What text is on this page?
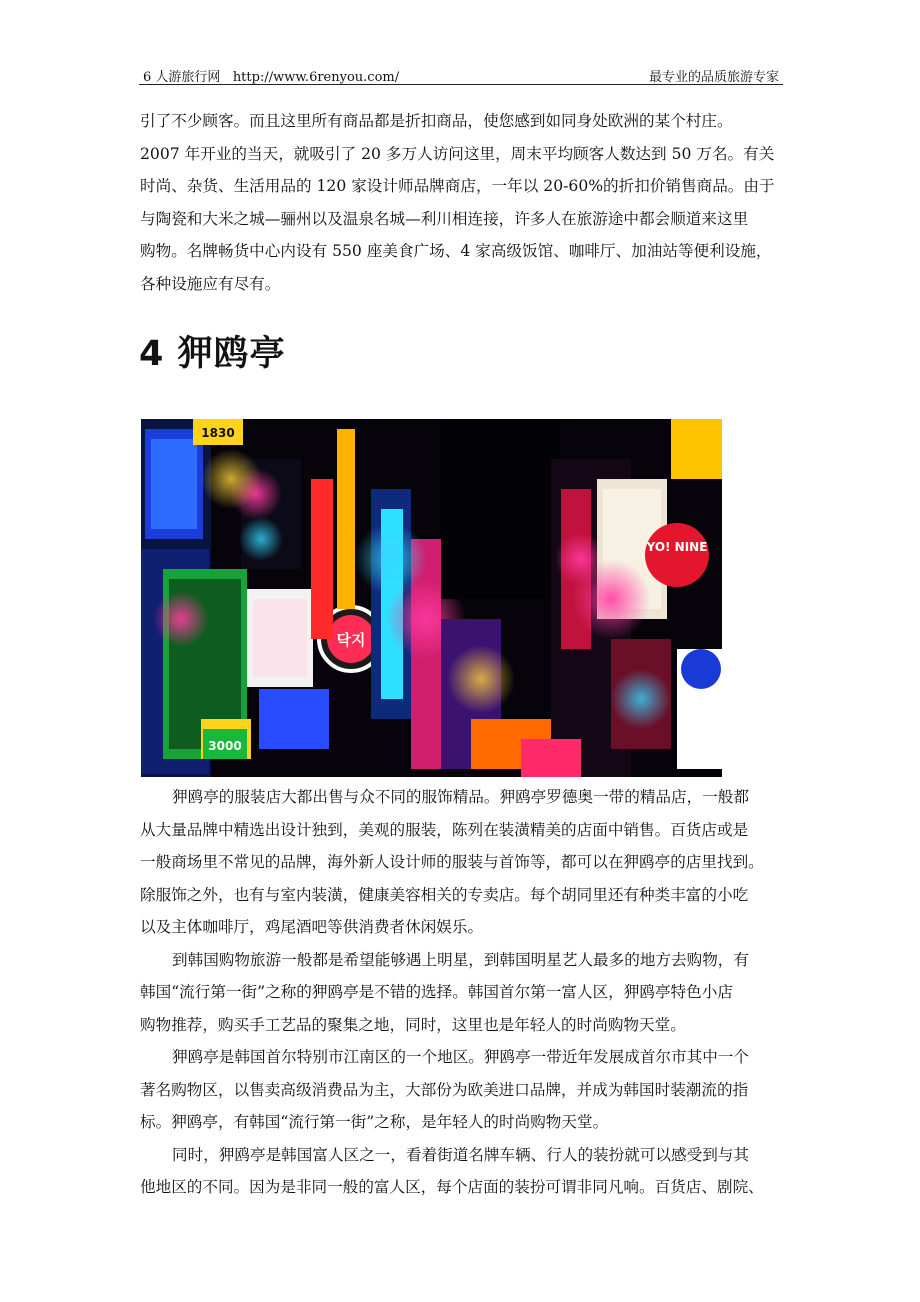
6 人游旅行网 http://www.6renyou.com/	最专业的品质旅游专家
引了不少顾客。而且这里所有商品都是折扣商品，使您感到如同身处欧洲的某个村庄。
2007 年开业的当天，就吸引了 20 多万人访问这里，周末平均顾客人数达到 50 万名。有关
时尚、杂货、生活用品的 120 家设计师品牌商店，一年以 20-60%的折扣价销售商品。由于
与陶瓷和大米之城—骊州以及温泉名城—利川相连接，许多人在旅游途中都会顺道来这里
购物。名牌畅货中心内设有 550 座美食广场、4 家高级饭馆、咖啡厅、加油站等便利设施，
各种设施应有尽有。
4 狎鸥亭
닥지
YO! NINE
1830
3000

狎鸥亭的服装店大都出售与众不同的服饰精品。狎鸥亭罗德奥一带的精品店，一般都
从大量品牌中精选出设计独到，美观的服装，陈列在装潢精美的店面中销售。百货店或是
一般商场里不常见的品牌，海外新人设计师的服装与首饰等，都可以在狎鸥亭的店里找到。
除服饰之外，也有与室内装潢，健康美容相关的专卖店。每个胡同里还有种类丰富的小吃
以及主体咖啡厅，鸡尾酒吧等供消费者休闲娱乐。

到韩国购物旅游一般都是希望能够遇上明星，到韩国明星艺人最多的地方去购物，有
韩国“流行第一街”之称的狎鸥亭是不错的选择。韩国首尔第一富人区，狎鸥亭特色小店
购物推荐，购买手工艺品的聚集之地，同时，这里也是年轻人的时尚购物天堂。

狎鸥亭是韩国首尔特别市江南区的一个地区。狎鸥亭一带近年发展成首尔市其中一个
著名购物区，以售卖高级消费品为主，大部份为欧美进口品牌，并成为韩国时装潮流的指
标。狎鸥亭，有韩国“流行第一街”之称，是年轻人的时尚购物天堂。

同时，狎鸥亭是韩国富人区之一，看着街道名牌车辆、行人的装扮就可以感受到与其
他地区的不同。因为是非同一般的富人区，每个店面的装扮可谓非同凡响。百货店、剧院、
